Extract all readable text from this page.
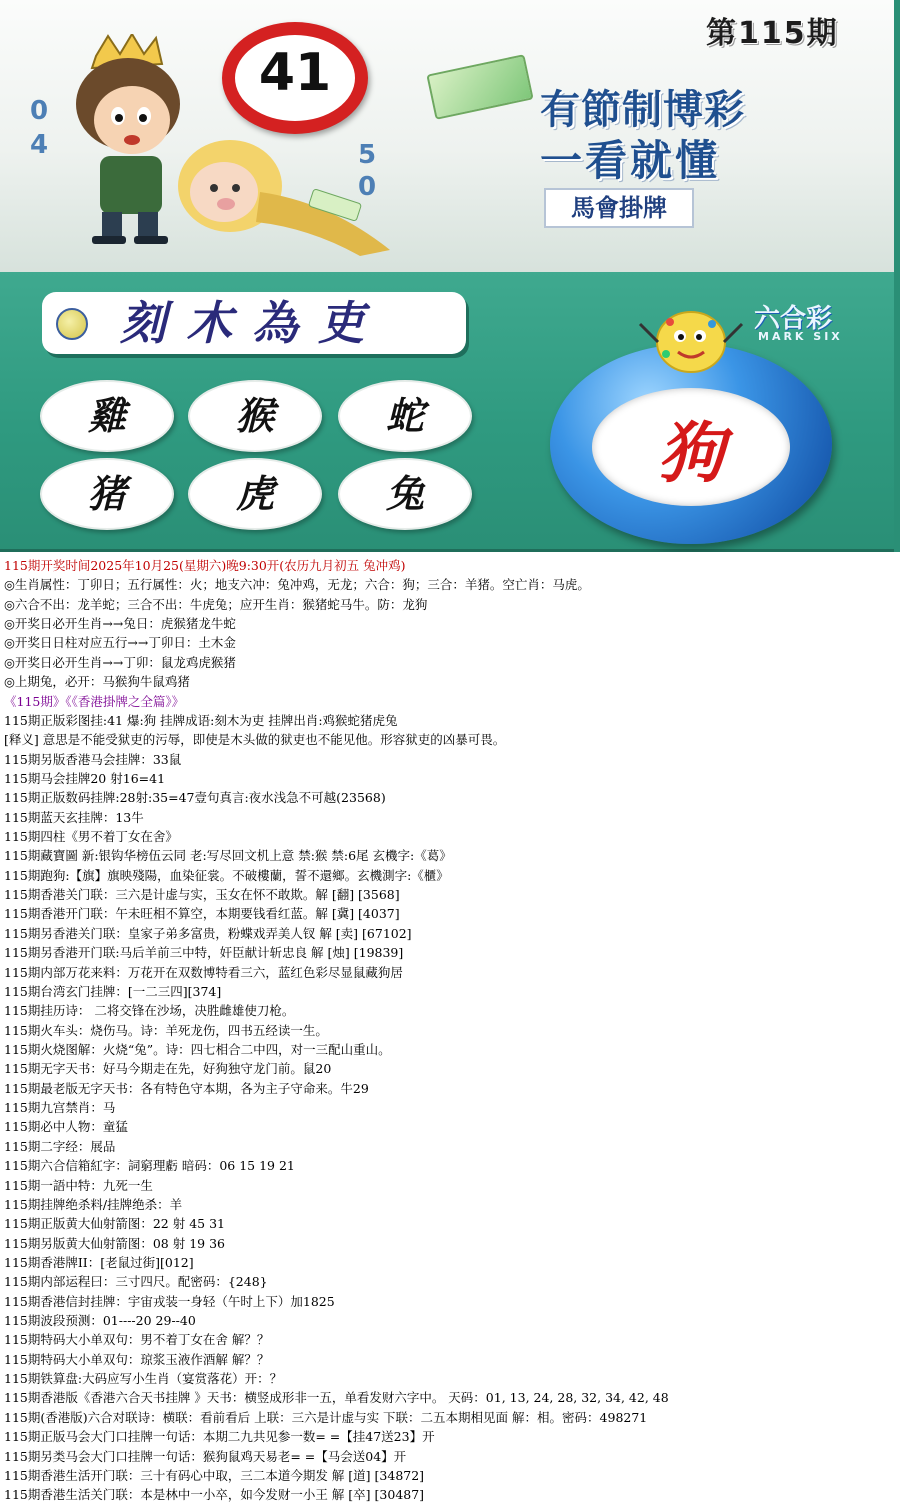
第115期
41
0
4	5
0
有節制博彩
一看就懂
馬會掛牌
刻木為吏
雞	猴	蛇
猪	虎	兔
狗
六合彩
MARK SIX
115期开奖时间2025年10月25(星期六)晚9:30开(农历九月初五 兔冲鸡)
◎生肖属性：丁卯日；五行属性：火；地支六冲：兔冲鸡，无龙；六合：狗；三合：羊猪。空亡肖：马虎。
◎六合不出：龙羊蛇；三合不出：牛虎兔；应开生肖：猴猪蛇马牛。防：龙狗
◎开奖日必开生肖→→兔日：虎猴猪龙牛蛇
◎开奖日日柱对应五行→→丁卯日：土木金
◎开奖日必开生肖→→丁卯：鼠龙鸡虎猴猪
◎上期兔，必开：马猴狗牛鼠鸡猪
《115期》《《香港掛牌之全篇》》
115期正版彩图挂:41 爆:狗 挂牌成语:刻木为吏 挂牌出肖:鸡猴蛇猪虎兔
[释义] 意思是不能受狱吏的污辱，即使是木头做的狱吏也不能见他。形容狱吏的凶暴可畏。
115期另版香港马会挂牌：33鼠
115期马会挂牌20 射16=41
115期正版数码挂牌:28射:35=47壹句真言:夜水浅急不可越(23568)
115期蓝天玄挂牌：13牛
115期四柱《男不着丁女在舍》
115期藏寶圖 新:银钩华榜伍云同 老:写尽回文机上意 禁:猴 禁:6尾 玄機字:《葛》
115期跑狗:【旗】旗映殘陽，血染征裳。不破樓蘭，誓不還鄉。玄機測字:《櫃》
115期香港关门联：三六是计虚与实，玉女在怀不敢欺。解 [翻] [3568]
115期香港开门联：午未旺相不算空，本期要钱看红蓝。解 [冀] [4037]
115期另香港关门联：皇家子弟多富贵，粉蝶戏弄美人钗 解 [卖] [67102]
115期另香港开门联:马后羊前三中特，奸臣献计斩忠良 解 [烛] [19839]
115期内部万花来料：万花开在双数博特看三六，蓝红色彩尽显鼠藏狗居
115期台湾玄门挂牌：[一二三四][374]
115期挂历诗： 二将交锋在沙场，决胜雌雄使刀枪。
115期火车头：烧伤马。诗：羊死龙伤，四书五经读一生。
115期火烧图解：火烧“兔”。诗：四七相合二中四，对一三配山重山。
115期无字天书：好马今期走在先，好狗独守龙门前。鼠20
115期最老版无字天书：各有特色守本期，各为主子守命来。牛29
115期九宫禁肖：马
115期必中人物：童猛
115期二字经：展品
115期六合信箱紅字：詞窮理虧 暗码：06 15 19 21
115期一語中特：九死一生
115期挂牌绝杀料/挂牌绝杀：羊
115期正版黄大仙射箭图：22 射 45 31
115期另版黄大仙射箭图：08 射 19 36
115期香港牌II：[老鼠过街][012]
115期内部运程曰：三寸四尺。配密码：{248}
115期香港信封挂牌：宇宙戎装一身轻（午时上下）加1825
115期波段预测：01----20 29--40
115期特码大小单双句：男不着丁女在舍 解？？
115期特码大小单双句：琼浆玉液作酒解 解？？
115期铁算盘:大码应写小生肖（宴赏落花）开：？
115期香港版《香港六合天书挂牌 》天书：横竖成形非一五，单看发财六字中。 天码：01, 13, 24, 28, 32, 34, 42, 48
115期(香港版)六合对联诗：横联：看前看后 上联：三六是计虚与实 下联：二五本期相见面 解：相。密码：498271
115期正版马会大门口挂牌一句话：本期二九共见参一数= =【挂47送23】开
115期另类马会大门口挂牌一句话：猴狗鼠鸡天易老= =【马会送04】开
115期香港生活开门联：三十有码心中取，三二本道今期发 解 [道] [34872]
115期香港生活关门联：本是林中一小卒，如今发财一小王 解 [卒] [30487]
